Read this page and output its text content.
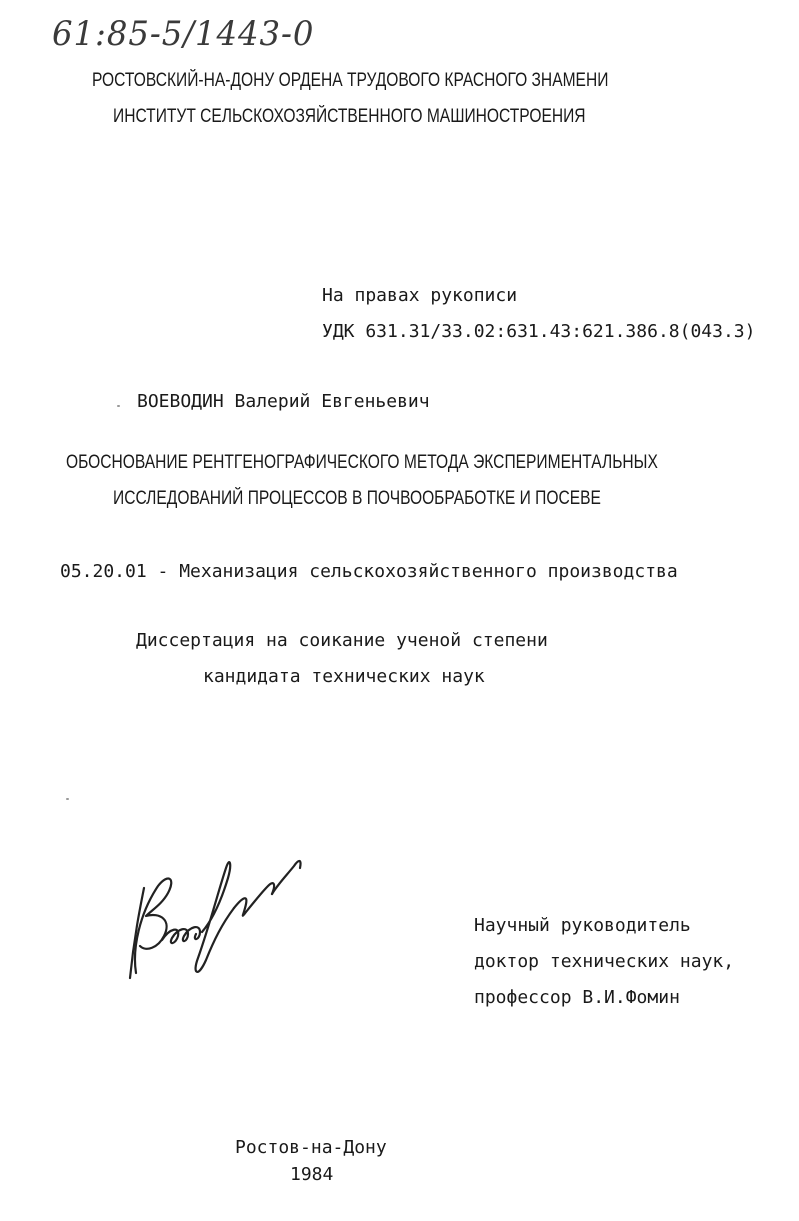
61:85-5/1443-0
РОСТОВСКИЙ-НА-ДОНУ ОРДЕНА ТРУДОВОГО КРАСНОГО ЗНАМЕНИ
ИНСТИТУТ СЕЛЬСКОХОЗЯЙСТВЕННОГО МАШИНОСТРОЕНИЯ
На правах рукописи
УДК 631.31/33.02:631.43:621.386.8(043.3)
ВОЕВОДИН Валерий Евгеньевич
ОБОСНОВАНИЕ РЕНТГЕНОГРАФИЧЕСКОГО МЕТОДА ЭКСПЕРИМЕНТАЛЬНЫХ
ИССЛЕДОВАНИЙ ПРОЦЕССОВ В ПОЧВООБРАБОТКЕ И ПОСЕВЕ
05.20.01 - Механизация сельскохозяйственного производства
Диссертация на соикание ученой степени
кандидата технических наук
Научный руководитель
доктор технических наук,
профессор В.И.Фомин
Ростов-на-Дону
1984
